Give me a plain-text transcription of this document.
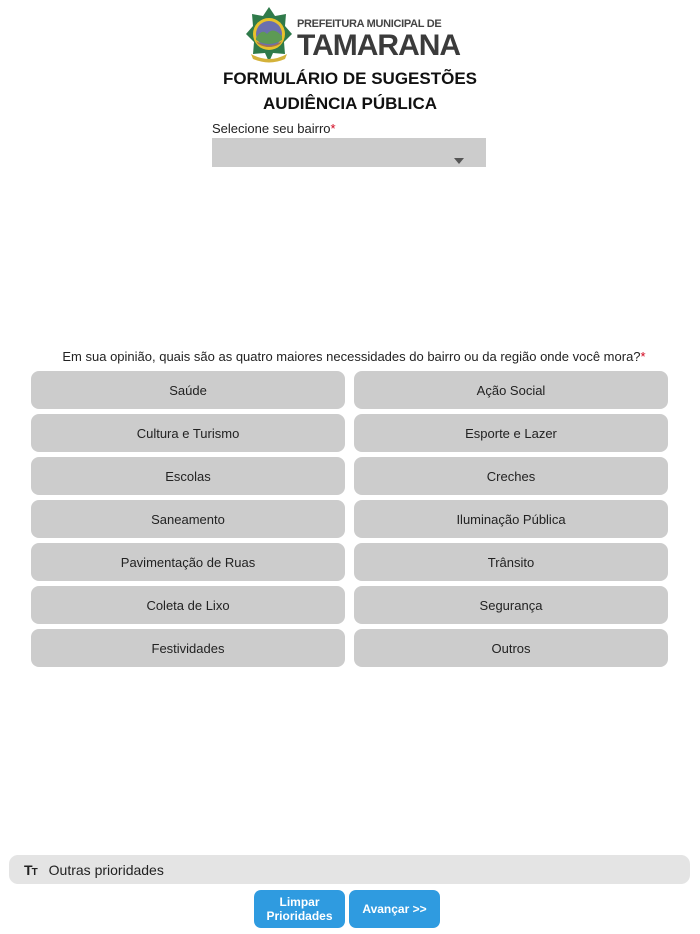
PREFEITURA MUNICIPAL DE
TAMARANA
FORMULÁRIO DE SUGESTÕES
AUDIÊNCIA PÚBLICA
Selecione seu bairro*
Em sua opinião, quais são as quatro maiores necessidades do bairro ou da região onde você mora?*
Saúde	Ação Social
Cultura e Turismo	Esporte e Lazer
Escolas	Creches
Saneamento	Iluminação Pública
Pavimentação de Ruas	Trânsito
Coleta de Lixo	Segurança
Festividades	Outros
TT
Outras prioridades
Limpar
Prioridades
Avançar >>
